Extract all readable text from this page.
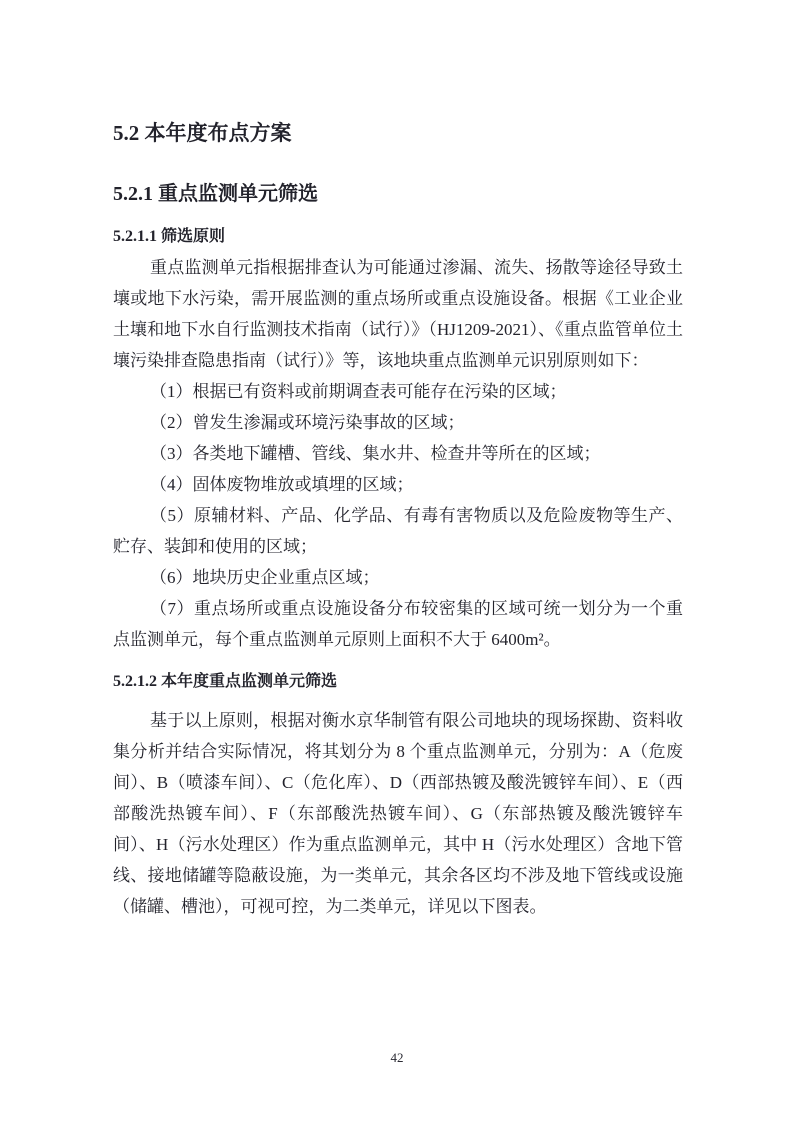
5.2 本年度布点方案
5.2.1 重点监测单元筛选
5.2.1.1 筛选原则

重点监测单元指根据排查认为可能通过渗漏、流失、扬散等途径导致土壤或地下水污染，需开展监测的重点场所或重点设施设备。根据《工业企业土壤和地下水自行监测技术指南（试行）》（HJ1209-2021）、《重点监管单位土壤污染排查隐患指南（试行）》等，该地块重点监测单元识别原则如下：

（1）根据已有资料或前期调查表可能存在污染的区域；

（2）曾发生渗漏或环境污染事故的区域；

（3）各类地下罐槽、管线、集水井、检查井等所在的区域；

（4）固体废物堆放或填埋的区域；

（5）原辅材料、产品、化学品、有毒有害物质以及危险废物等生产、贮存、装卸和使用的区域；

（6）地块历史企业重点区域；

（7）重点场所或重点设施设备分布较密集的区域可统一划分为一个重点监测单元，每个重点监测单元原则上面积不大于 6400m²。

5.2.1.2 本年度重点监测单元筛选

基于以上原则，根据对衡水京华制管有限公司地块的现场探勘、资料收集分析并结合实际情况，将其划分为 8 个重点监测单元，分别为：A（危废间）、B（喷漆车间）、C（危化库）、D（西部热镀及酸洗镀锌车间）、E（西部酸洗热镀车间）、F（东部酸洗热镀车间）、G（东部热镀及酸洗镀锌车间）、H（污水处理区）作为重点监测单元，其中 H（污水处理区）含地下管线、接地储罐等隐蔽设施，为一类单元，其余各区均不涉及地下管线或设施（储罐、槽池），可视可控，为二类单元，详见以下图表。

42
